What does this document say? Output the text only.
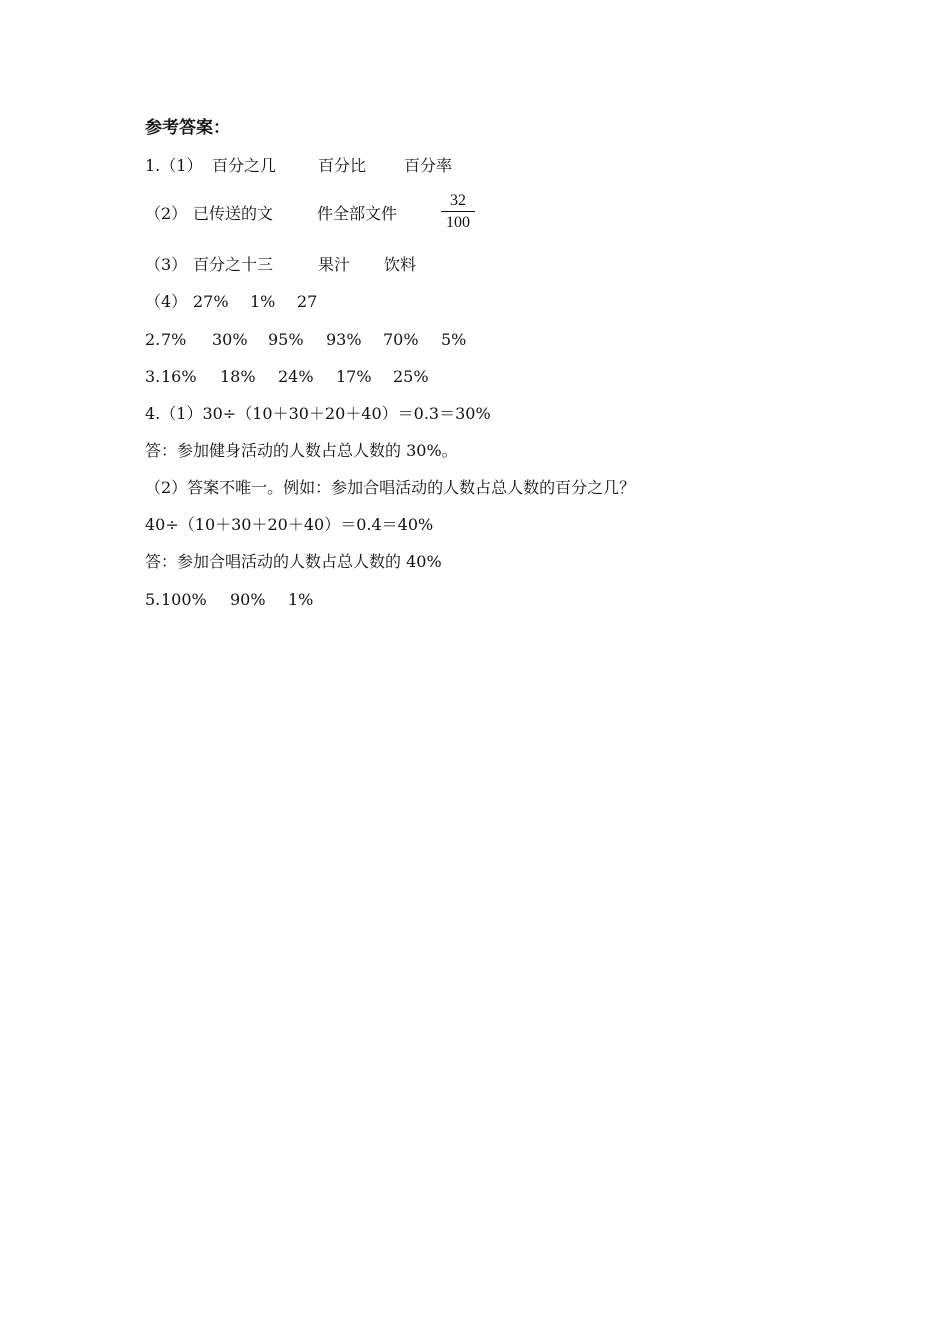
参考答案：
1.（1） 百分之几	百分比 百分率
（2） 已传送的文	件全部文件
32
100
（3） 百分之十三	果汁 饮料
（4） 27% 1% 27
2. 7% 30% 95% 93% 70% 5%
3. 16% 18% 24% 17% 25%
4.（1）30÷（10＋30＋20＋40）＝0.3＝30%
答：参加健身活动的人数占总人数的 30%。
（2）答案不唯一。例如：参加合唱活动的人数占总人数的百分之几？
40÷（10＋30＋20＋40）＝0.4＝40%
答：参加合唱活动的人数占总人数的 40%
5. 100% 90% 1%
